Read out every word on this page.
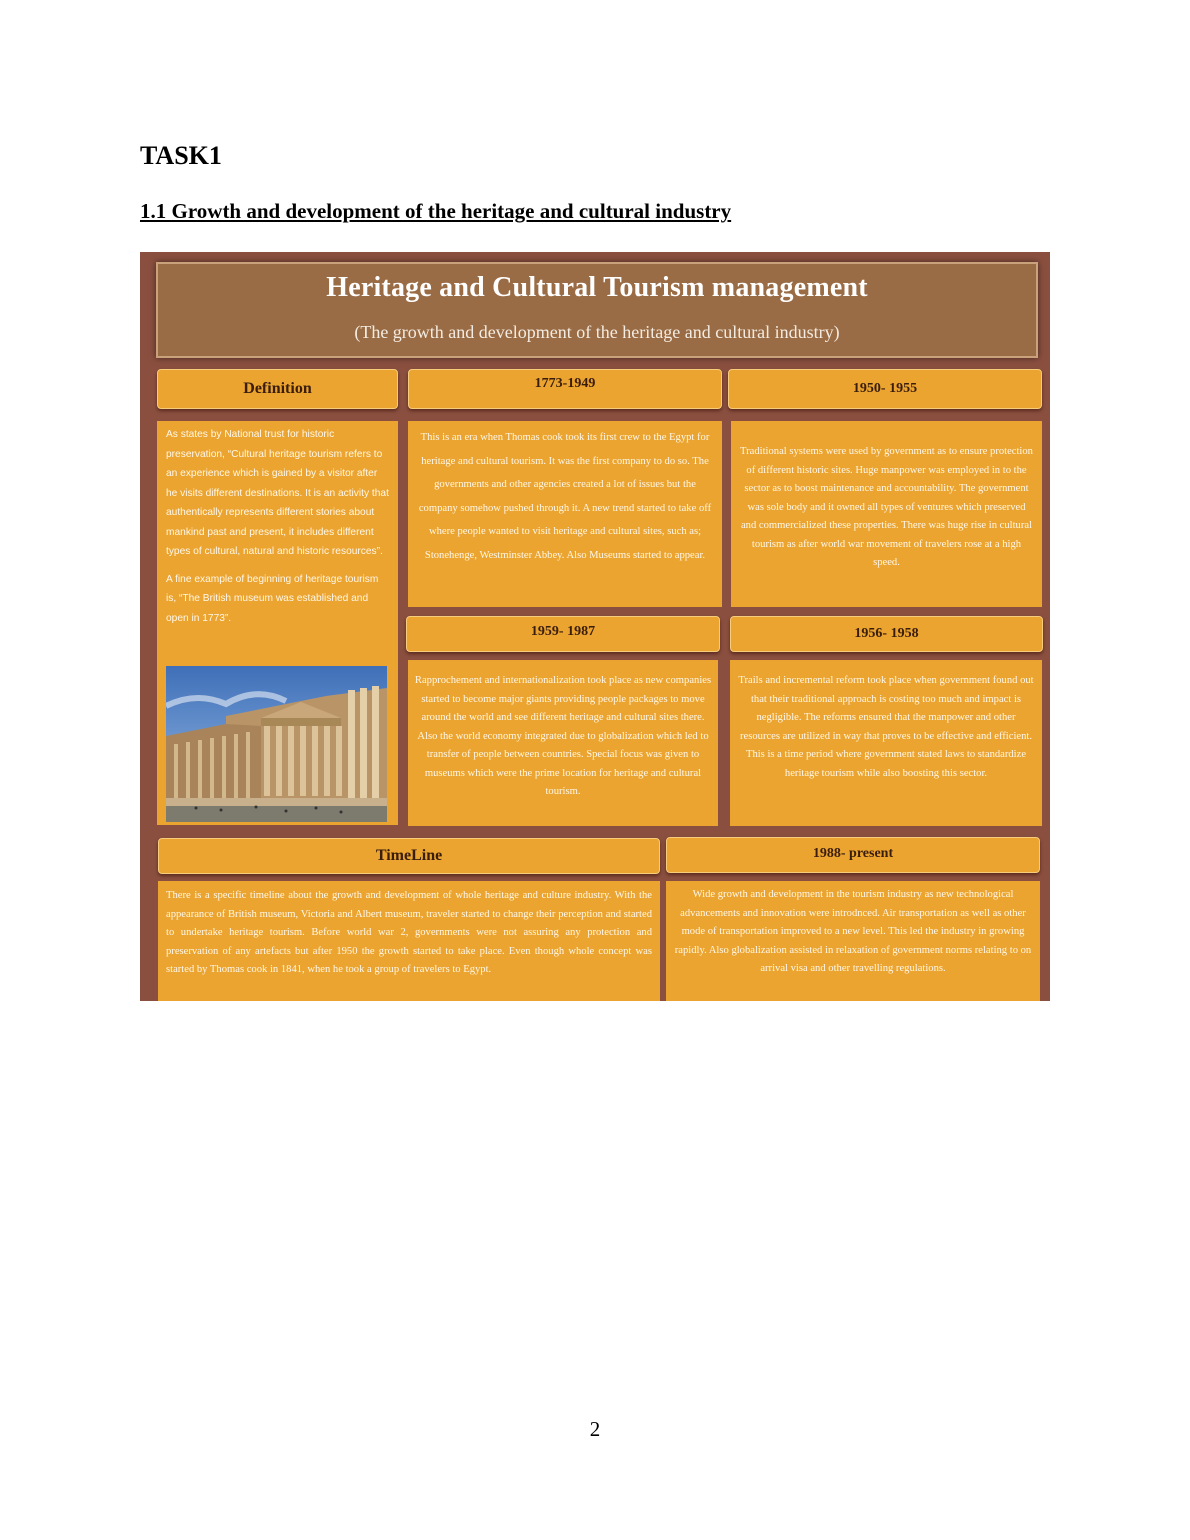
TASK1
1.1 Growth and development of the heritage and cultural industry
Heritage and Cultural Tourism management
(The growth and development of the heritage and cultural industry)
Definition	1773-1949	1950- 1955

As states by National trust for historic preservation, “Cultural heritage tourism refers to an experience which is gained by a visitor after he visits different destinations. It is an activity that authentically represents different stories about mankind past and present, it includes different types of cultural, natural and historic resources”.

A fine example of beginning of heritage tourism is, “The British museum was established and open in 1773”.

This is an era when Thomas cook took its first crew to the Egypt for heritage and cultural tourism. It was the first company to do so. The governments and other agencies created a lot of issues but the company somehow pushed through it. A new trend started to take off where people wanted to visit heritage and cultural sites, such as; Stonehenge, Westminster Abbey. Also Museums started to appear.

Traditional systems were used by government as to ensure protection of different historic sites. Huge manpower was employed in to the sector as to boost maintenance and accountability. The government was sole body and it owned all types of ventures which preserved and commercialized these properties. There was huge rise in cultural tourism as after world war movement of travelers rose at a high speed.

1959- 1987	1956- 1958

Rapprochement and internationalization took place as new companies started to become major giants providing people packages to move around the world and see different heritage and cultural sites there. Also the world economy integrated due to globalization which led to transfer of people between countries. Special focus was given to museums which were the prime location for heritage and cultural tourism.

Trails and incremental reform took place when government found out that their traditional approach is costing too much and impact is negligible. The reforms ensured that the manpower and other resources are utilized in way that proves to be effective and efficient. This is a time period where government stated laws to standardize heritage tourism while also boosting this sector.

TimeLine	1988- present

There is a specific timeline about the growth and development of whole heritage and culture industry. With the appearance of British museum, Victoria and Albert museum, traveler started to change their perception and started to undertake heritage tourism. Before world war 2, governments were not assuring any protection and preservation of any artefacts but after 1950 the growth started to take place. Even though whole concept was started by Thomas cook in 1841, when he took a group of travelers to Egypt.

Wide growth and development in the tourism industry as new technological advancements and innovation were introdnced. Air transportation as well as other mode of transportation improved to a new level. This led the industry in growing rapidly. Also globalization assisted in relaxation of government norms relating to on arrival visa and other travelling regulations.

2
